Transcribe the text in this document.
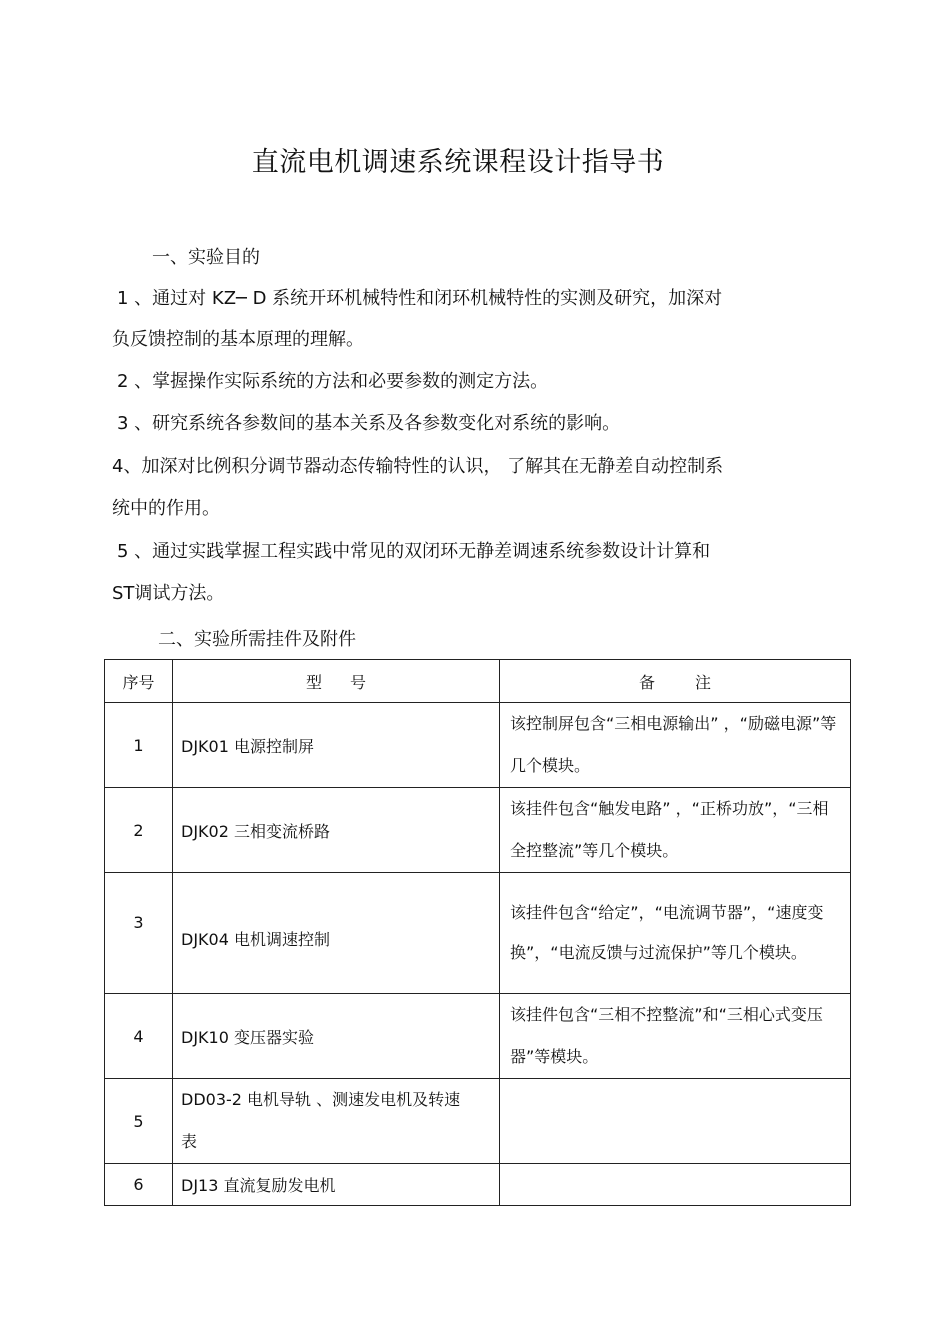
直流电机调速系统课程设计指导书
一、实验目的
1 、通过对 KZ─ D 系统开环机械特性和闭环机械特性的实测及研究，加深对
负反馈控制的基本原理的理解。
2 、掌握操作实际系统的方法和必要参数的测定方法。
3 、研究系统各参数间的基本关系及各参数变化对系统的影响。
4、加深对比例积分调节器动态传输特性的认识， 了解其在无静差自动控制系
统中的作用。
5 、通过实践掌握工程实践中常见的双闭环无静差调速系统参数设计计算和
ST调试方法。
二、实验所需挂件及附件
序号	型号	备注
1	DJK01 电源控制屏	该控制屏包含“三相电源输出” ，“励磁电源”等几个模块。

2	DJK02 三相变流桥路	该挂件包含“触发电路” ，“正桥功放”，“三相全控整流”等几个模块。

3	DJK04 电机调速控制	该挂件包含“给定”，“电流调节器”，“速度变换”，“电流反馈与过流保护”等几个模块。

4	DJK10 变压器实验	该挂件包含“三相不控整流”和“三相心式变压器”等模块。

5	DD03-2 电机导轨 、测速发电机及转速表	

6	DJ13 直流复励发电机	
